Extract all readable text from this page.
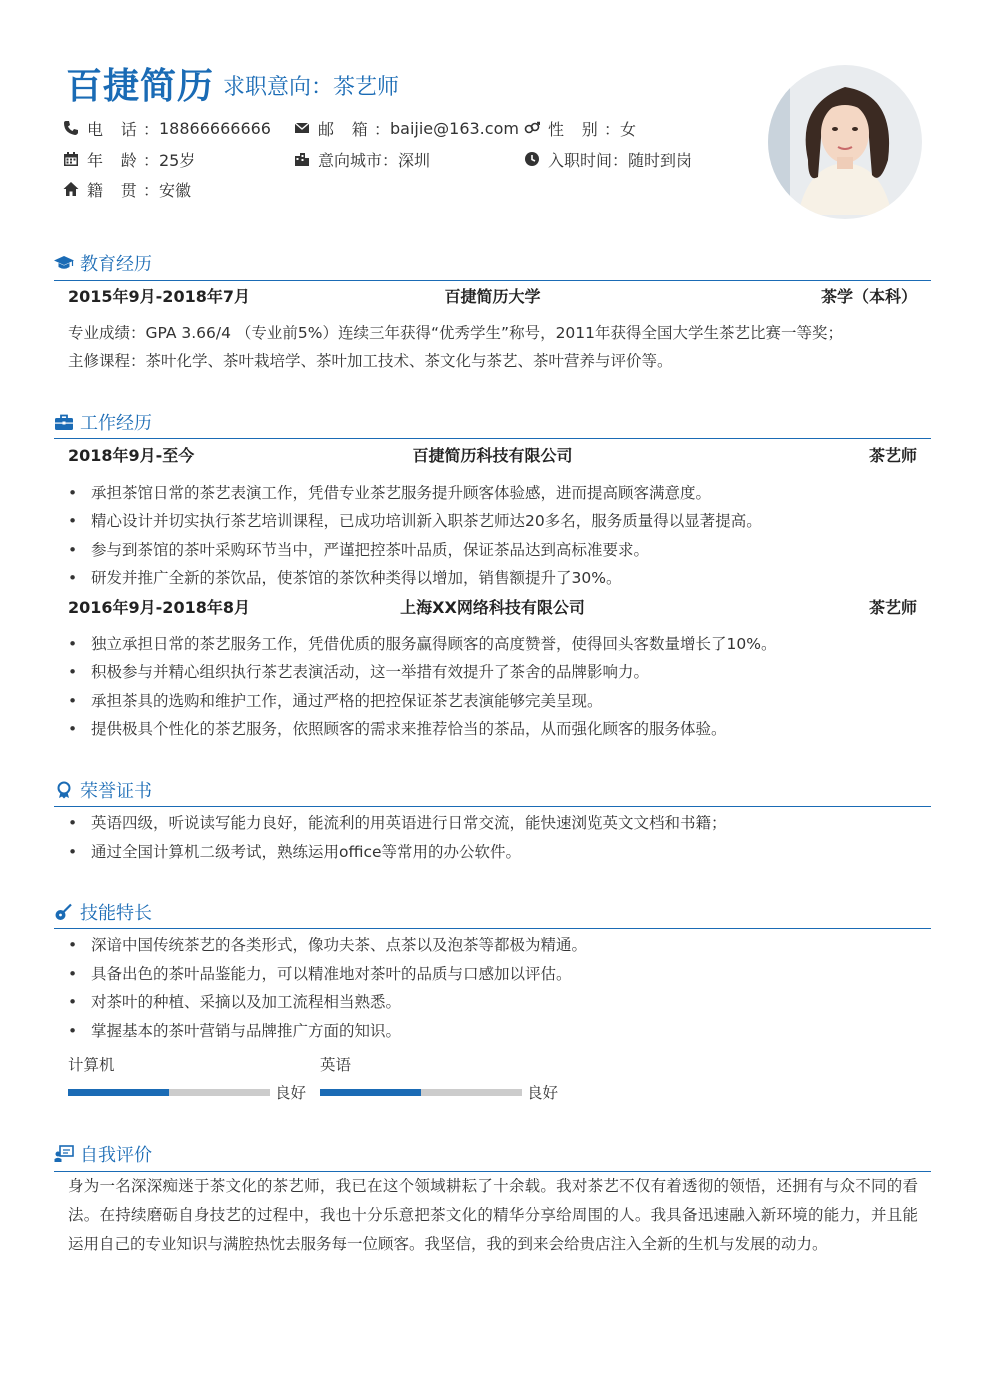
百捷简历 求职意向：茶艺师
电 话： 18866666666	邮 箱： baijie@163.com 性 别： 女
年 龄： 25岁	意向城市： 深圳	入职时间： 随时到岗
籍 贯： 安徽
教育经历
2015年9月-2018年7月	百捷简历大学	茶学（本科）
专业成绩：GPA 3.66/4 （专业前5%）连续三年获得“优秀学生”称号，2011年获得全国大学生茶艺比赛一等奖；
主修课程：茶叶化学、茶叶栽培学、茶叶加工技术、茶文化与茶艺、茶叶营养与评价等。
工作经历
2018年9月-至今	百捷简历科技有限公司	茶艺师
• 承担茶馆日常的茶艺表演工作，凭借专业茶艺服务提升顾客体验感，进而提高顾客满意度。
• 精心设计并切实执行茶艺培训课程，已成功培训新入职茶艺师达20多名，服务质量得以显著提高。
• 参与到茶馆的茶叶采购环节当中，严谨把控茶叶品质，保证茶品达到高标准要求。
• 研发并推广全新的茶饮品，使茶馆的茶饮种类得以增加，销售额提升了30%。
2016年9月-2018年8月	上海XX网络科技有限公司	茶艺师
• 独立承担日常的茶艺服务工作，凭借优质的服务赢得顾客的高度赞誉，使得回头客数量增长了10%。
• 积极参与并精心组织执行茶艺表演活动，这一举措有效提升了茶舍的品牌影响力。
• 承担茶具的选购和维护工作，通过严格的把控保证茶艺表演能够完美呈现。
• 提供极具个性化的茶艺服务，依照顾客的需求来推荐恰当的茶品，从而强化顾客的服务体验。
荣誉证书
• 英语四级，听说读写能力良好，能流利的用英语进行日常交流，能快速浏览英文文档和书籍；
• 通过全国计算机二级考试，熟练运用office等常用的办公软件。
技能特长
• 深谙中国传统茶艺的各类形式，像功夫茶、点茶以及泡茶等都极为精通。
• 具备出色的茶叶品鉴能力，可以精准地对茶叶的品质与口感加以评估。
• 对茶叶的种植、采摘以及加工流程相当熟悉。
• 掌握基本的茶叶营销与品牌推广方面的知识。
计算机
良好
英语
良好
自我评价
身为一名深深痴迷于茶文化的茶艺师，我已在这个领域耕耘了十余载。我对茶艺不仅有着透彻的领悟，还拥有与众不同的看法。在持续磨砺自身技艺的过程中，我也十分乐意把茶文化的精华分享给周围的人。我具备迅速融入新环境的能力，并且能运用自己的专业知识与满腔热忱去服务每一位顾客。我坚信，我的到来会给贵店注入全新的生机与发展的动力。
